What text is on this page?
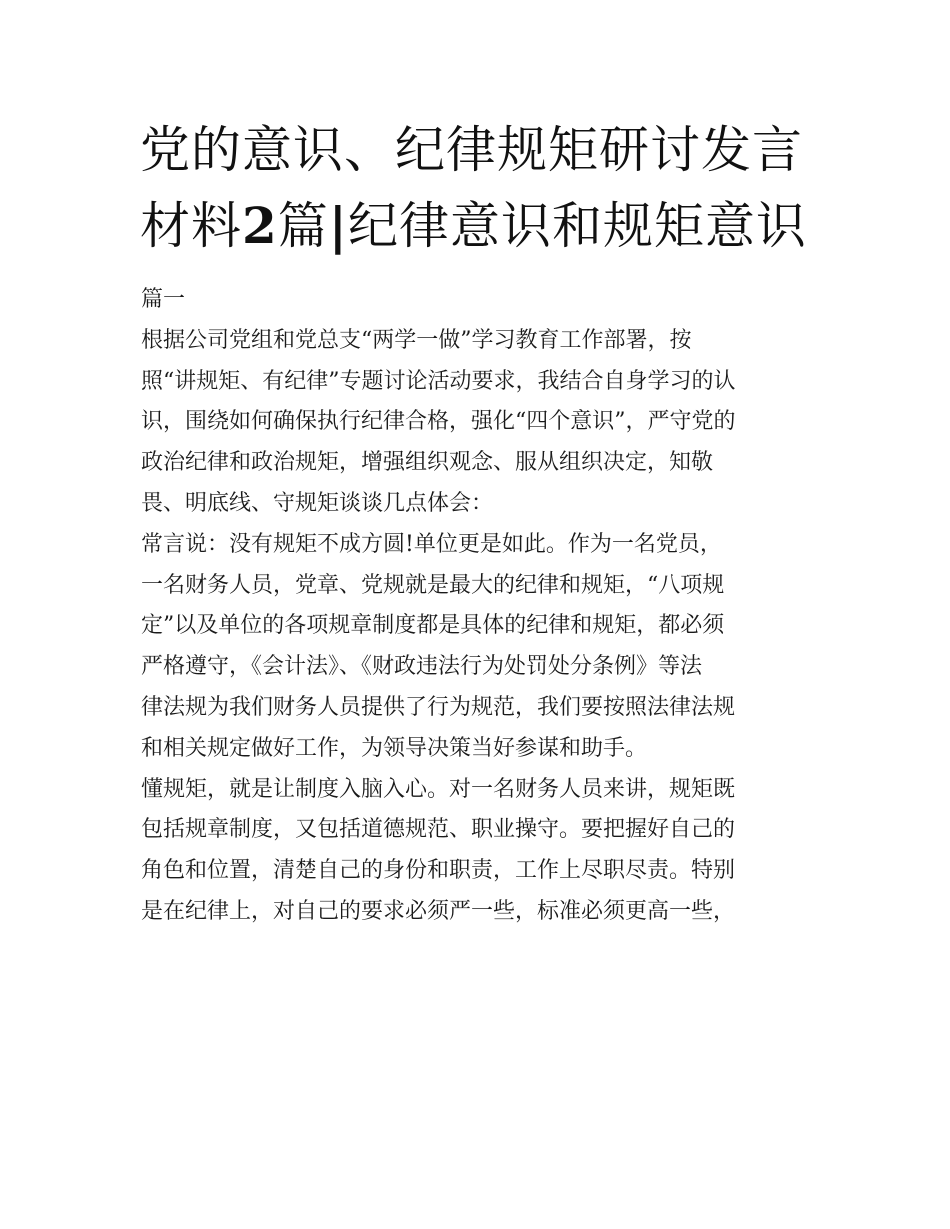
党的意识、纪律规矩研讨发言
材料2篇|纪律意识和规矩意识
篇一
根据公司党组和党总支“两学一做”学习教育工作部署，按
照“讲规矩、有纪律”专题讨论活动要求，我结合自身学习的认
识，围绕如何确保执行纪律合格，强化“四个意识”，严守党的
政治纪律和政治规矩，增强组织观念、服从组织决定，知敬
畏、明底线、守规矩谈谈几点体会：
常言说：没有规矩不成方圆!单位更是如此。作为一名党员，
一名财务人员，党章、党规就是最大的纪律和规矩，“八项规
定”以及单位的各项规章制度都是具体的纪律和规矩，都必须
严格遵守，《会计法》、《财政违法行为处罚处分条例》等法
律法规为我们财务人员提供了行为规范，我们要按照法律法规
和相关规定做好工作，为领导决策当好参谋和助手。
懂规矩，就是让制度入脑入心。对一名财务人员来讲，规矩既
包括规章制度，又包括道德规范、职业操守。要把握好自己的
角色和位置，清楚自己的身份和职责，工作上尽职尽责。特别
是在纪律上，对自己的要求必须严一些，标准必须更高一些，
